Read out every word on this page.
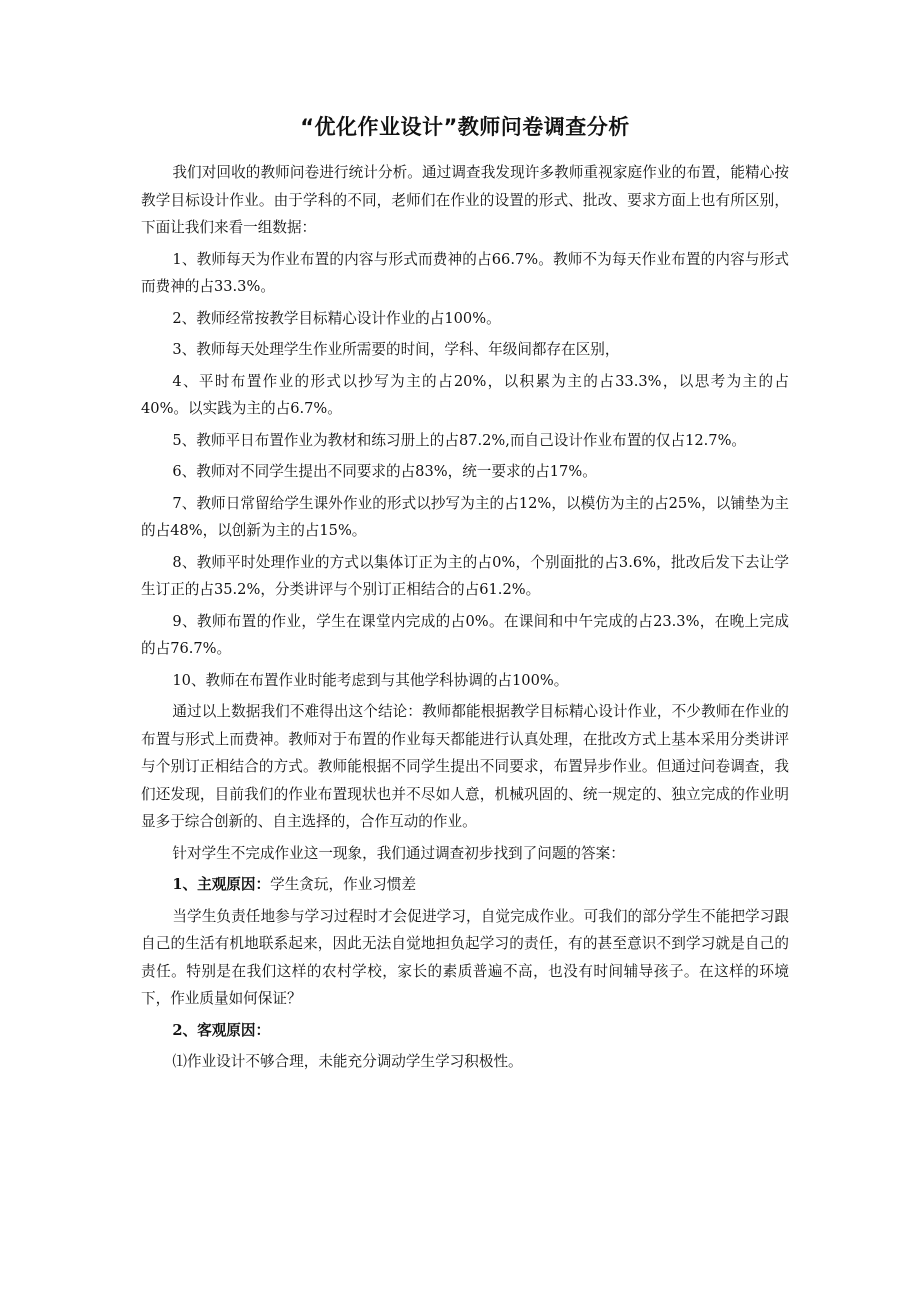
“优化作业设计”教师问卷调查分析

我们对回收的教师问卷进行统计分析。通过调查我发现许多教师重视家庭作业的布置，能精心按教学目标设计作业。由于学科的不同，老师们在作业的设置的形式、批改、要求方面上也有所区别，下面让我们来看一组数据：

1、教师每天为作业布置的内容与形式而费神的占66.7%。教师不为每天作业布置的内容与形式而费神的占33.3%。

2、教师经常按教学目标精心设计作业的占100%。

3、教师每天处理学生作业所需要的时间，学科、年级间都存在区别，

4、平时布置作业的形式以抄写为主的占20%，以积累为主的占33.3%，以思考为主的占40%。以实践为主的占6.7%。

5、教师平日布置作业为教材和练习册上的占87.2%,而自己设计作业布置的仅占12.7%。

6、教师对不同学生提出不同要求的占83%，统一要求的占17%。

7、教师日常留给学生课外作业的形式以抄写为主的占12%，以模仿为主的占25%，以铺垫为主的占48%，以创新为主的占15%。

8、教师平时处理作业的方式以集体订正为主的占0%，个别面批的占3.6%，批改后发下去让学生订正的占35.2%，分类讲评与个别订正相结合的占61.2%。

9、教师布置的作业，学生在课堂内完成的占0%。在课间和中午完成的占23.3%，在晚上完成的占76.7%。

10、教师在布置作业时能考虑到与其他学科协调的占100%。

通过以上数据我们不难得出这个结论：教师都能根据教学目标精心设计作业，不少教师在作业的布置与形式上而费神。教师对于布置的作业每天都能进行认真处理，在批改方式上基本采用分类讲评与个别订正相结合的方式。教师能根据不同学生提出不同要求，布置异步作业。但通过问卷调查，我们还发现，目前我们的作业布置现状也并不尽如人意，机械巩固的、统一规定的、独立完成的作业明显多于综合创新的、自主选择的，合作互动的作业。

针对学生不完成作业这一现象，我们通过调查初步找到了问题的答案：

1、主观原因：学生贪玩，作业习惯差

当学生负责任地参与学习过程时才会促进学习，自觉完成作业。可我们的部分学生不能把学习跟自己的生活有机地联系起来，因此无法自觉地担负起学习的责任，有的甚至意识不到学习就是自己的责任。特别是在我们这样的农村学校，家长的素质普遍不高，也没有时间辅导孩子。在这样的环境下，作业质量如何保证？

2、客观原因：

⑴作业设计不够合理，未能充分调动学生学习积极性。
